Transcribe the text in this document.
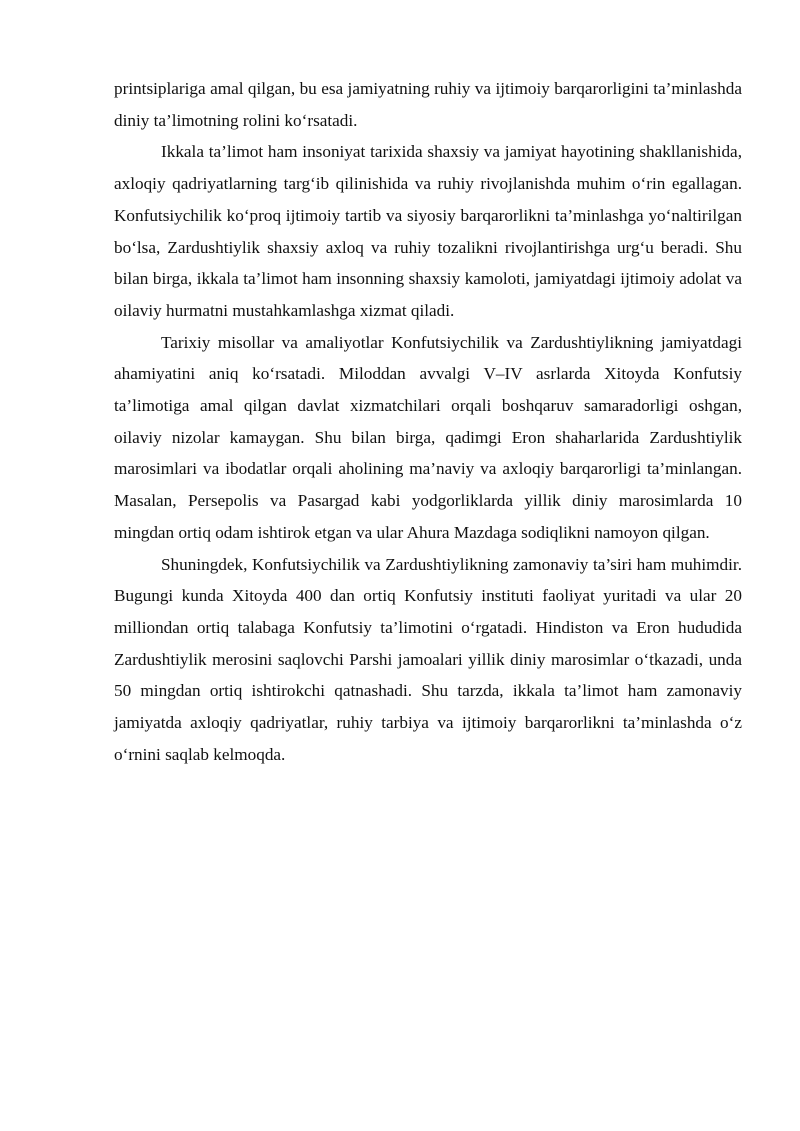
printsiplariga amal qilgan, bu esa jamiyatning ruhiy va ijtimoiy barqarorligini ta’minlashda diniy ta’limotning rolini ko‘rsatadi.

Ikkala ta’limot ham insoniyat tarixida shaxsiy va jamiyat hayotining shakllanishida, axloqiy qadriyatlarning targ‘ib qilinishida va ruhiy rivojlanishda muhim o‘rin egallagan. Konfutsiychilik ko‘proq ijtimoiy tartib va siyosiy barqarorlikni ta’minlashga yo‘naltirilgan bo‘lsa, Zardushtiylik shaxsiy axloq va ruhiy tozalikni rivojlantirishga urg‘u beradi. Shu bilan birga, ikkala ta’limot ham insonning shaxsiy kamoloti, jamiyatdagi ijtimoiy adolat va oilaviy hurmatni mustahkamlashga xizmat qiladi.

Tarixiy misollar va amaliyotlar Konfutsiychilik va Zardushtiylikning jamiyatdagi ahamiyatini aniq ko‘rsatadi. Miloddan avvalgi V–IV asrlarda Xitoyda Konfutsiy ta’limotiga amal qilgan davlat xizmatchilari orqali boshqaruv samaradorligi oshgan, oilaviy nizolar kamaygan. Shu bilan birga, qadimgi Eron shaharlarida Zardushtiylik marosimlari va ibodatlar orqali aholining ma’naviy va axloqiy barqarorligi ta’minlangan. Masalan, Persepolis va Pasargad kabi yodgorliklarda yillik diniy marosimlarda 10 mingdan ortiq odam ishtirok etgan va ular Ahura Mazdaga sodiqlikni namoyon qilgan.

Shuningdek, Konfutsiychilik va Zardushtiylikning zamonaviy ta’siri ham muhimdir. Bugungi kunda Xitoyda 400 dan ortiq Konfutsiy instituti faoliyat yuritadi va ular 20 milliondan ortiq talabaga Konfutsiy ta’limotini o‘rgatadi. Hindiston va Eron hududida Zardushtiylik merosini saqlovchi Parshi jamoalari yillik diniy marosimlar o‘tkazadi, unda 50 mingdan ortiq ishtirokchi qatnashadi. Shu tarzda, ikkala ta’limot ham zamonaviy jamiyatda axloqiy qadriyatlar, ruhiy tarbiya va ijtimoiy barqarorlikni ta’minlashda o‘z o‘rnini saqlab kelmoqda.
